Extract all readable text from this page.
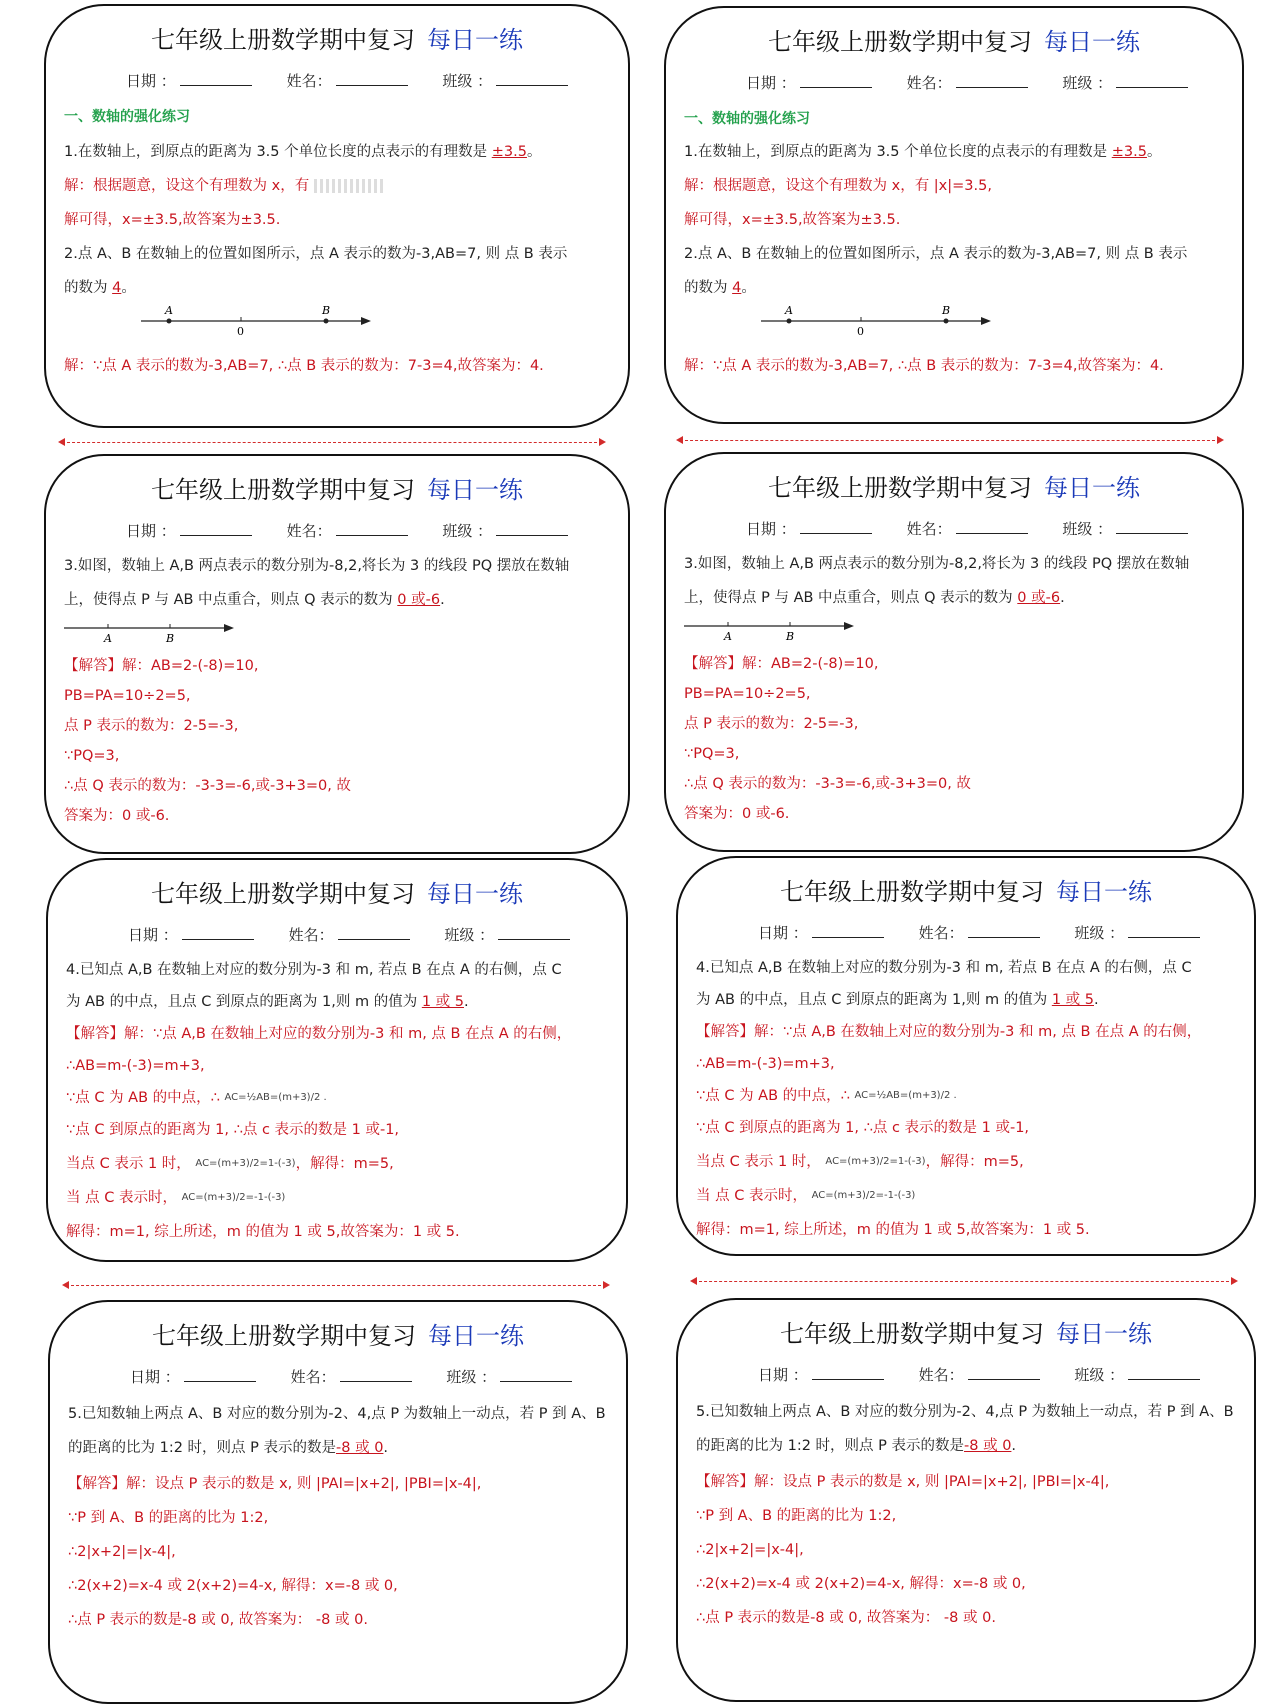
七年级上册数学期中复习 每日一练
日期 ：	姓名：	班级 ：
一、数轴的强化练习
1.在数轴上，到原点的距离为 3.5 个单位长度的点表示的有理数是 ±3.5。
解：根据题意，设这个有理数为 x，有
解可得，x=±3.5,故答案为±3.5.
2.点 A、B 在数轴上的位置如图所示，点 A 表示的数为-3,AB=7, 则 点 B 表示
的数为 4。
A	B
0
解：∵点 A 表示的数为-3,AB=7, ∴点 B 表示的数为：7-3=4,故答案为：4.
七年级上册数学期中复习 每日一练
日期 ：	姓名：	班级 ：
一、数轴的强化练习
1.在数轴上，到原点的距离为 3.5 个单位长度的点表示的有理数是 ±3.5。
解：根据题意，设这个有理数为 x，有 |x|=3.5,
解可得，x=±3.5,故答案为±3.5.
2.点 A、B 在数轴上的位置如图所示，点 A 表示的数为-3,AB=7, 则 点 B 表示
的数为 4。
A	B
0
解：∵点 A 表示的数为-3,AB=7, ∴点 B 表示的数为：7-3=4,故答案为：4.
七年级上册数学期中复习 每日一练
日期 ：	姓名：	班级 ：
3.如图，数轴上 A,B 两点表示的数分别为-8,2,将长为 3 的线段 PQ 摆放在数轴
上，使得点 P 与 AB 中点重合，则点 Q 表示的数为 0 或-6.
A	B
【解答】解：AB=2-(-8)=10,
PB=PA=10÷2=5,
点 P 表示的数为：2-5=-3,
∵PQ=3,
∴点 Q 表示的数为：-3-3=-6,或-3+3=0, 故
答案为：0 或-6.
七年级上册数学期中复习 每日一练
日期 ：	姓名：	班级 ：
3.如图，数轴上 A,B 两点表示的数分别为-8,2,将长为 3 的线段 PQ 摆放在数轴
上，使得点 P 与 AB 中点重合，则点 Q 表示的数为 0 或-6.
A	B
【解答】解：AB=2-(-8)=10,
PB=PA=10÷2=5,
点 P 表示的数为：2-5=-3,
∵PQ=3,
∴点 Q 表示的数为：-3-3=-6,或-3+3=0, 故
答案为：0 或-6.
七年级上册数学期中复习 每日一练
日期 ：	姓名：	班级 ：
4.已知点 A,B 在数轴上对应的数分别为-3 和 m, 若点 B 在点 A 的右侧，点 C
为 AB 的中点，且点 C 到原点的距离为 1,则 m 的值为 1 或 5.
【解答】解：∵点 A,B 在数轴上对应的数分别为-3 和 m, 点 B 在点 A 的右侧，
∴AB=m-(-3)=m+3,
∵点 C 为 AB 的中点，∴ AC=½AB=(m+3)/2 .
∵点 C 到原点的距离为 1, ∴点 c 表示的数是 1 或-1,
当点 C 表示 1 时， AC=(m+3)/2=1-(-3)，解得：m=5,
当 点 C 表示时， AC=(m+3)/2=-1-(-3)
解得：m=1, 综上所述，m 的值为 1 或 5,故答案为：1 或 5.
七年级上册数学期中复习 每日一练
日期 ：	姓名：	班级 ：
4.已知点 A,B 在数轴上对应的数分别为-3 和 m, 若点 B 在点 A 的右侧，点 C
为 AB 的中点，且点 C 到原点的距离为 1,则 m 的值为 1 或 5.
【解答】解：∵点 A,B 在数轴上对应的数分别为-3 和 m, 点 B 在点 A 的右侧，
∴AB=m-(-3)=m+3,
∵点 C 为 AB 的中点，∴ AC=½AB=(m+3)/2 .
∵点 C 到原点的距离为 1, ∴点 c 表示的数是 1 或-1,
当点 C 表示 1 时， AC=(m+3)/2=1-(-3)，解得：m=5,
当 点 C 表示时， AC=(m+3)/2=-1-(-3)
解得：m=1, 综上所述，m 的值为 1 或 5,故答案为：1 或 5.
七年级上册数学期中复习 每日一练
日期 ：	姓名：	班级 ：
5.已知数轴上两点 A、B 对应的数分别为-2、4,点 P 为数轴上一动点，若 P 到 A、B
的距离的比为 1:2 时，则点 P 表示的数是-8 或 0.
【解答】解：设点 P 表示的数是 x, 则 |PAI=|x+2|, |PBI=|x-4|,
∵P 到 A、B 的距离的比为 1:2,
∴2|x+2|=|x-4|,
∴2(x+2)=x-4 或 2(x+2)=4-x, 解得：x=-8 或 0,
∴点 P 表示的数是-8 或 0, 故答案为： -8 或 0.
七年级上册数学期中复习 每日一练
日期 ：	姓名：	班级 ：
5.已知数轴上两点 A、B 对应的数分别为-2、4,点 P 为数轴上一动点，若 P 到 A、B
的距离的比为 1:2 时，则点 P 表示的数是-8 或 0.
【解答】解：设点 P 表示的数是 x, 则 |PAI=|x+2|, |PBI=|x-4|,
∵P 到 A、B 的距离的比为 1:2,
∴2|x+2|=|x-4|,
∴2(x+2)=x-4 或 2(x+2)=4-x, 解得：x=-8 或 0,
∴点 P 表示的数是-8 或 0, 故答案为： -8 或 0.
